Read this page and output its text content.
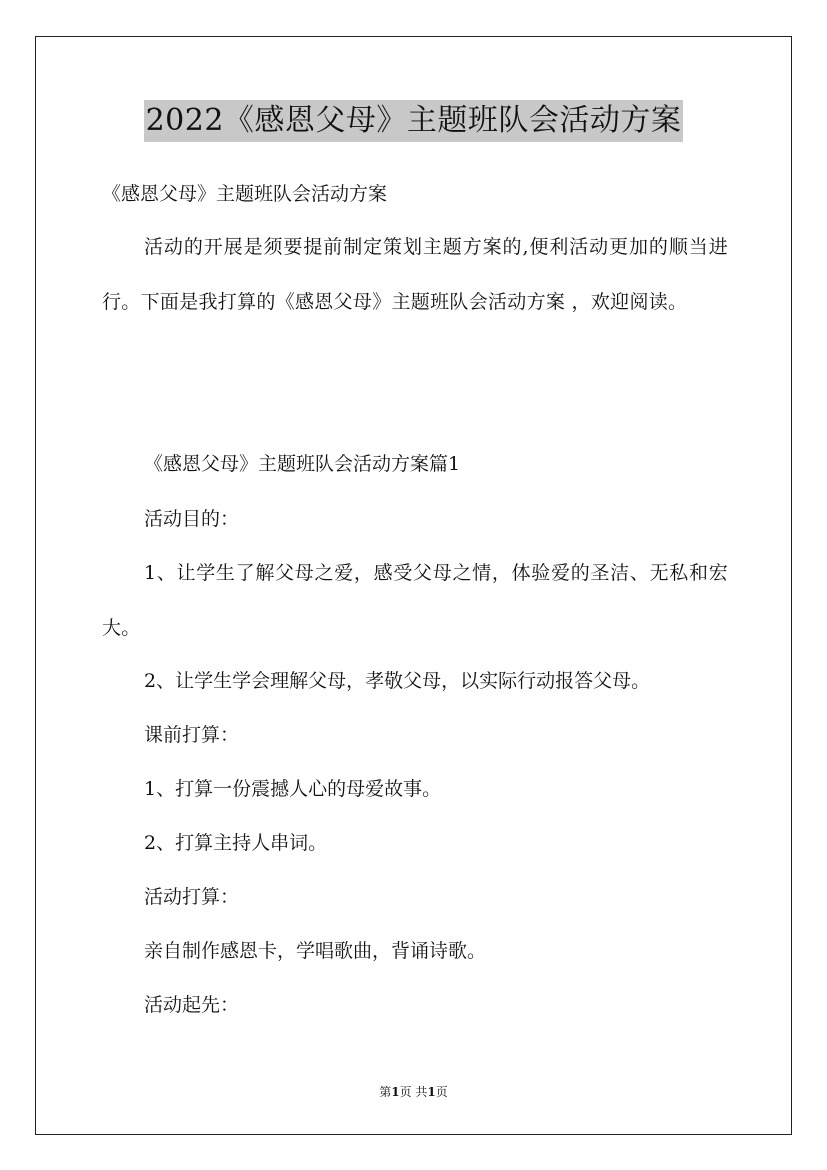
2022《感恩父母》主题班队会活动方案
《感恩父母》主题班队会活动方案
活动的开展是须要提前制定策划主题方案的,便利活动更加的顺当进行。下面是我打算的《感恩父母》主题班队会活动方案 ，欢迎阅读。
《感恩父母》主题班队会活动方案篇1
活动目的：
1、让学生了解父母之爱，感受父母之情，体验爱的圣洁、无私和宏大。
2、让学生学会理解父母，孝敬父母，以实际行动报答父母。
课前打算：
1、打算一份震撼人心的母爱故事。
2、打算主持人串词。
活动打算：
亲自制作感恩卡，学唱歌曲，背诵诗歌。
活动起先：
第1页 共1页
